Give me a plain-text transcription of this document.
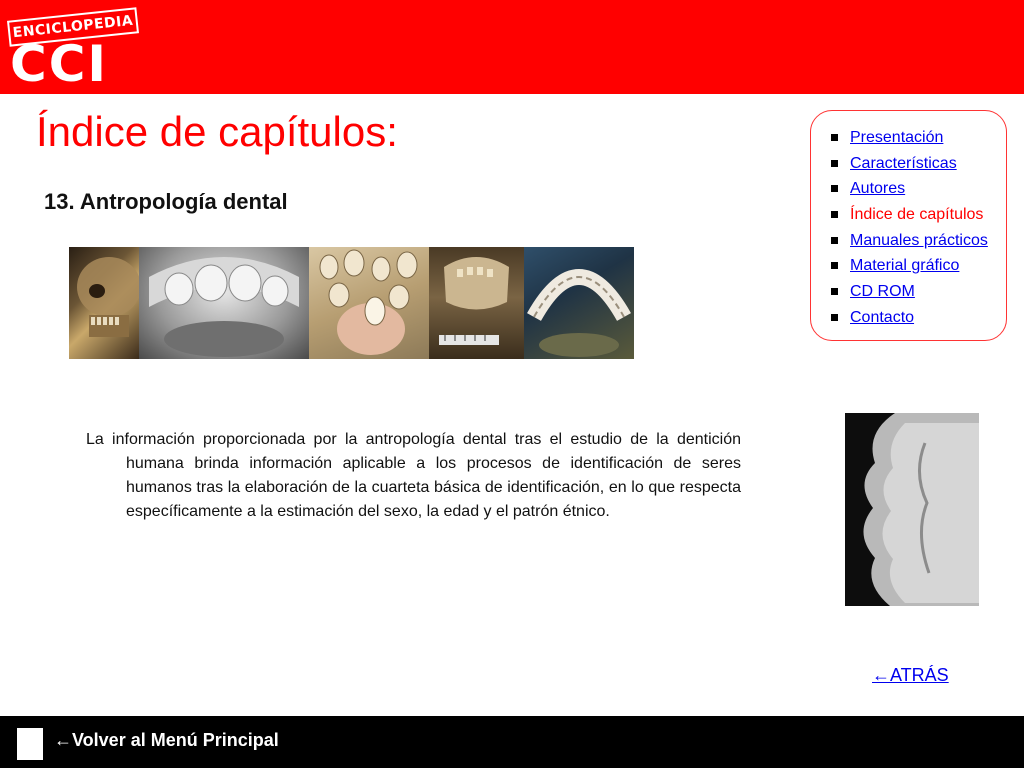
ENCICLOPEDIA
CCI
Índice de capítulos:
13. Antropología dental

La información proporcionada por la antropología dental tras el estudio de la dentición humana brinda información aplicable a los procesos de identificación de seres humanos tras la elaboración de la cuarteta básica de identificación, en lo que respecta específicamente a la estimación del sexo, la edad y el patrón étnico.

Presentación
Características
Autores
Índice de capítulos
Manuales prácticos
Material gráfico
CD ROM
Contacto
←ATRÁS
←Volver al Menú Principal
